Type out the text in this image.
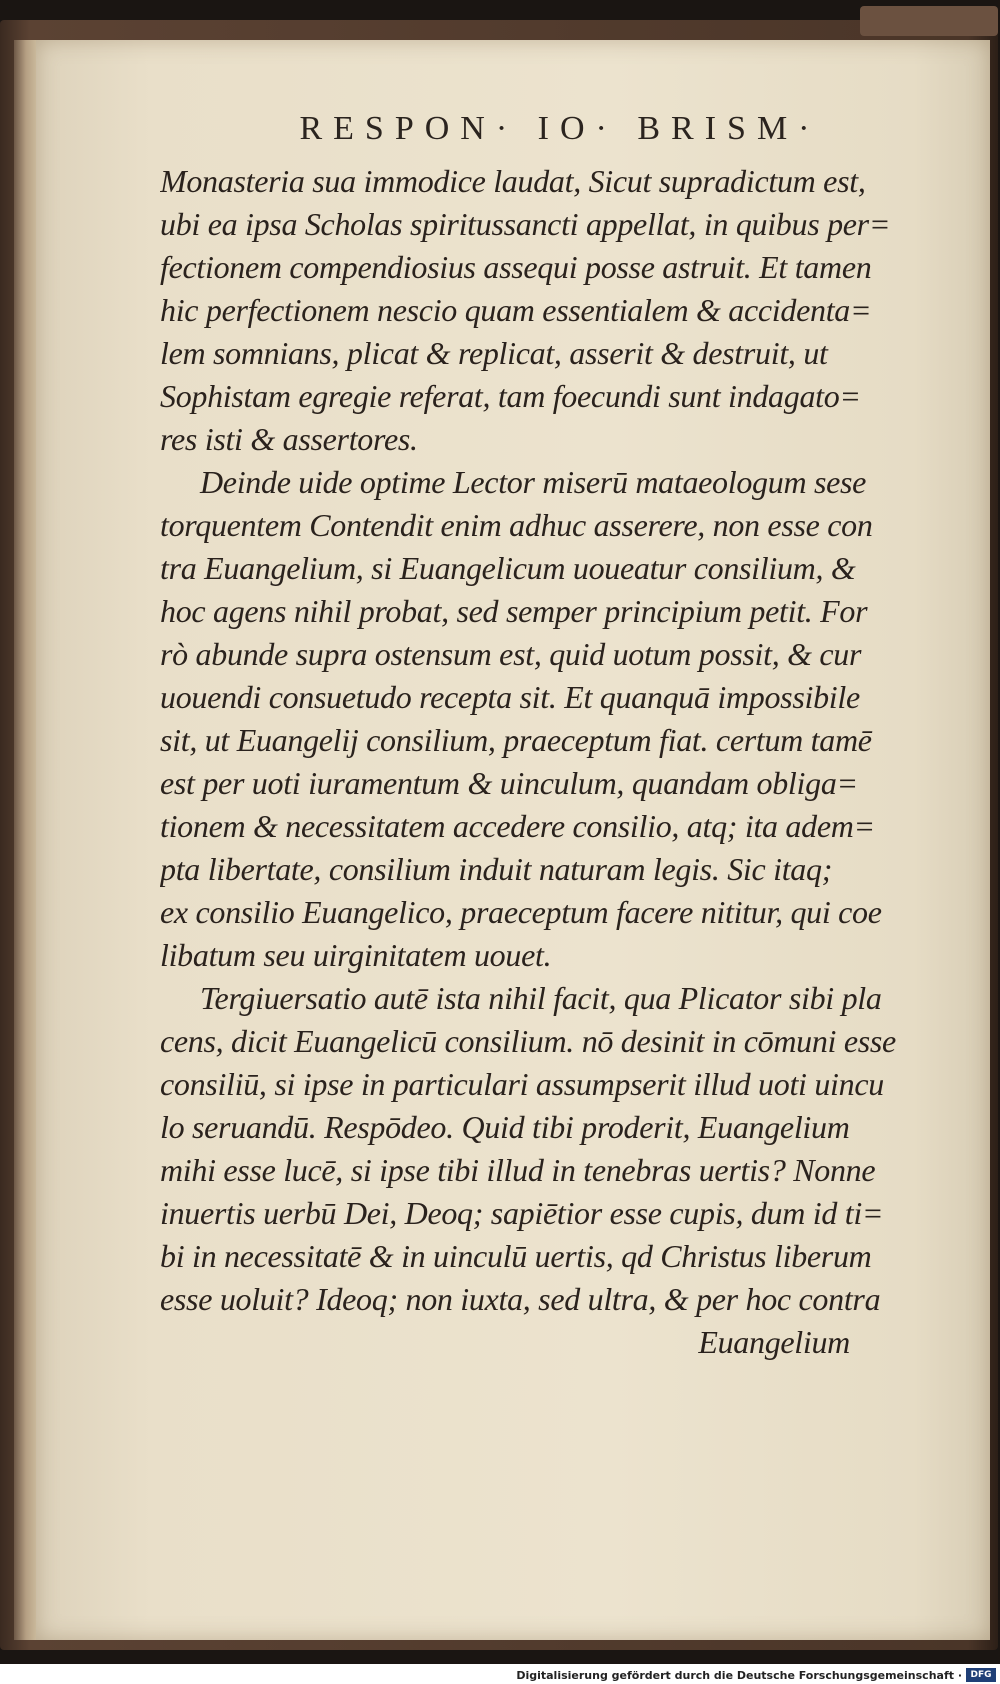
RESPON· IO· BRISM·
Monasteria sua immodice laudat, Sicut supradictum est,
ubi ea ipsa Scholas spiritussancti appellat, in quibus per=
fectionem compendiosius assequi posse astruit. Et tamen
hic perfectionem nescio quam essentialem & accidenta=
lem somnians, plicat & replicat, asserit & destruit, ut
Sophistam egregie referat, tam foecundi sunt indagato=
res isti & assertores.
Deinde uide optime Lector miserū mataeologum sese
torquentem Contendit enim adhuc asserere, non esse con
tra Euangelium, si Euangelicum uoueatur consilium, &
hoc agens nihil probat, sed semper principium petit. For
rò abunde supra ostensum est, quid uotum possit, & cur
uouendi consuetudo recepta sit. Et quanquā impossibile
sit, ut Euangelij consilium, praeceptum fiat. certum tamē
est per uoti iuramentum & uinculum, quandam obliga=
tionem & necessitatem accedere consilio, atq; ita adem=
pta libertate, consilium induit naturam legis. Sic itaq;
ex consilio Euangelico, praeceptum facere nititur, qui coe
libatum seu uirginitatem uouet.
Tergiuersatio autē ista nihil facit, qua Plicator sibi pla
cens, dicit Euangelicū consilium. nō desinit in cōmuni esse
consiliū, si ipse in particulari assumpserit illud uoti uincu
lo seruandū. Respōdeo. Quid tibi proderit, Euangelium
mihi esse lucē, si ipse tibi illud in tenebras uertis? Nonne
inuertis uerbū Dei, Deoq; sapiētior esse cupis, dum id ti=
bi in necessitatē & in uinculū uertis, qd Christus liberum
esse uoluit? Ideoq; non iuxta, sed ultra, & per hoc contra
Euangelium
Digitalisierung gefördert durch die Deutsche Forschungsgemeinschaft · DFG
